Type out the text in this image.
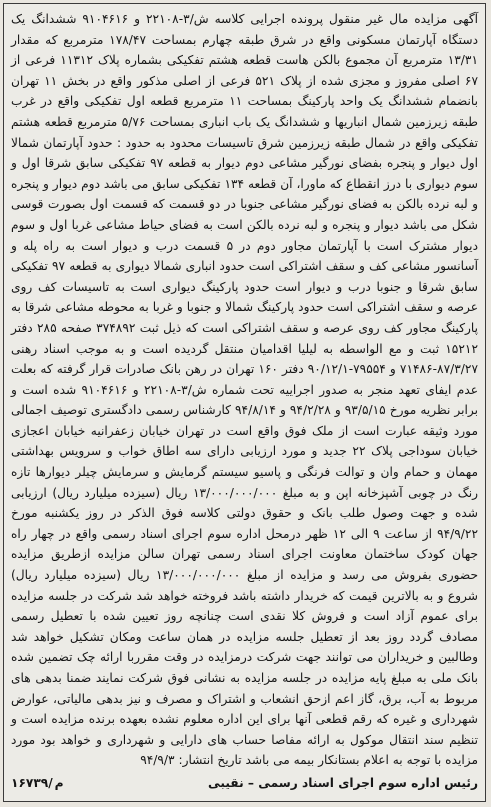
آگهی مزایده مال غیر منقول پرونده اجرایی کلاسه ش/۳-۲۲۱۰۸ و ۹۱۰۴۶۱۶ ششدانگ یک دستگاه آپارتمان مسکونی واقع در شرق طبقه چهارم بمساحت ۱۷۸/۴۷ مترمربع که مقدار ۱۳/۳۱ مترمربع آن مجموع بالکن هاست قطعه هشتم تفکیکی بشماره پلاک ۱۱۳۱۲ فرعی از ۶۷ اصلی مفروز و مجزی شده از پلاک ۵۲۱ فرعی از اصلی مذکور واقع در بخش ۱۱ تهران بانضمام ششدانگ یک واحد پارکینگ بمساحت ۱۱ مترمربع قطعه اول تفکیکی واقع در غرب طبقه زیرزمین شمال انباریها و ششدانگ یک باب انباری بمساحت ۵/۷۶ مترمربع قطعه هشتم تفکیکی واقع در شمال طبقه زیرزمین شرق تاسیسات محدود به حدود : حدود آپارتمان شمالا اول دیوار و پنجره بفضای نورگیر مشاعی دوم دیوار به قطعه ۹۷ تفکیکی سابق شرقا اول و سوم دیواری با درز انقطاع که ماورا، آن قطعه ۱۳۴ تفکیکی سابق می باشد دوم دیوار و پنجره و لبه نرده بالکن به فضای نورگیر مشاعی جنوبا در دو قسمت که قسمت اول بصورت قوسی شکل می باشد دیوار و پنجره و لبه نرده بالکن است به فضای حیاط مشاعی غربا اول و سوم دیوار مشترک است با آپارتمان مجاور دوم در ۵ قسمت درب و دیوار است به راه پله و آسانسور مشاعی کف و سقف اشتراکی است حدود انباری شمالا دیواری به قطعه ۹۷ تفکیکی سابق شرقا و جنوبا درب و دیوار است حدود پارکینگ دیواری است به تاسیسات کف روی عرصه و سقف اشتراکی است حدود پارکینگ شمالا و جنوبا و غربا به محوطه مشاعی شرقا به پارکینگ مجاور کف روی عرصه و سقف اشتراکی است که ذیل ثبت ۳۷۴۸۹۲ صفحه ۲۸۵ دفتر ۱۵۲۱۲ ثبت و مع الواسطه به لیلیا اقدامیان منتقل گردیده است و به موجب اسناد رهنی ۸۷/۳/۲۷-۷۱۴۸۶ و ۷۹۵۵۴-۹۰/۱۲/۱ دفتر ۱۶۰ تهران در رهن بانک صادرات قرار گرفته که بعلت عدم ایفای تعهد منجر به صدور اجراییه تحت شماره ش/۳-۲۲۱۰۸ و ۹۱۰۴۶۱۶ شده است و برابر نظریه مورخ ۹۳/۵/۱۵ و ۹۴/۲/۲۸ و ۹۴/۸/۱۴ کارشناس رسمی دادگستری توصیف اجمالی مورد وثیقه عبارت است از ملک فوق واقع است در تهران خیابان زعفرانیه خیابان اعجازی خیابان سوداجی پلاک ۲۲ جدید و مورد ارزیابی دارای سه اطاق خواب و سرویس بهداشتی مهمان و حمام وان و توالت فرنگی و پاسیو سیستم گرمایش و سرمایش چیلر دیوارها تازه رنگ در چوبی آشپزخانه اپن و به مبلغ ۱۳/۰۰۰/۰۰۰/۰۰۰ ریال (سیزده میلیارد ریال) ارزیابی شده و جهت وصول طلب بانک و حقوق دولتی کلاسه فوق الذکر در روز یکشنبه مورخ ۹۴/۹/۲۲ از ساعت ۹ الی ۱۲ ظهر درمحل اداره سوم اجرای اسناد رسمی واقع در چهار راه جهان کودک ساختمان معاونت اجرای اسناد رسمی تهران سالن مزایده ازطریق مزایده حضوری بفروش می رسد و مزایده از مبلغ ۱۳/۰۰۰/۰۰۰/۰۰۰ ریال (سیزده میلیارد ریال) شروع و به بالاترین قیمت که خریدار داشته باشد فروخته خواهد شد شرکت در جلسه مزایده برای عموم آزاد است و فروش کلا نقدی است چنانچه روز تعیین شده با تعطیل رسمی مصادف گردد روز بعد از تعطیل جلسه مزایده در همان ساعت ومکان تشکیل خواهد شد وطالبین و خریداران می توانند جهت شرکت درمزایده در وقت مقرربا ارائه چک تضمین شده بانک ملی به مبلغ پایه مزایده در جلسه مزایده به نشانی فوق شرکت نمایند ضمنا بدهی های مربوط به آب، برق، گاز اعم ازحق انشعاب و اشتراک و مصرف و نیز بدهی مالیاتی، عوارض شهرداری و غیره که رقم قطعی آنها برای این اداره معلوم نشده بعهده برنده مزایده است و تنظیم سند انتقال موکول به ارائه مفاصا حساب های دارایی و شهرداری و خواهد بود مورد مزایده با توجه به اعلام بستانکار بیمه می باشد تاریخ انتشار: ۹۴/۹/۳

رئیس اداره سوم اجرای اسناد رسمی – نقیبی
م/۱۶۷۳۹
